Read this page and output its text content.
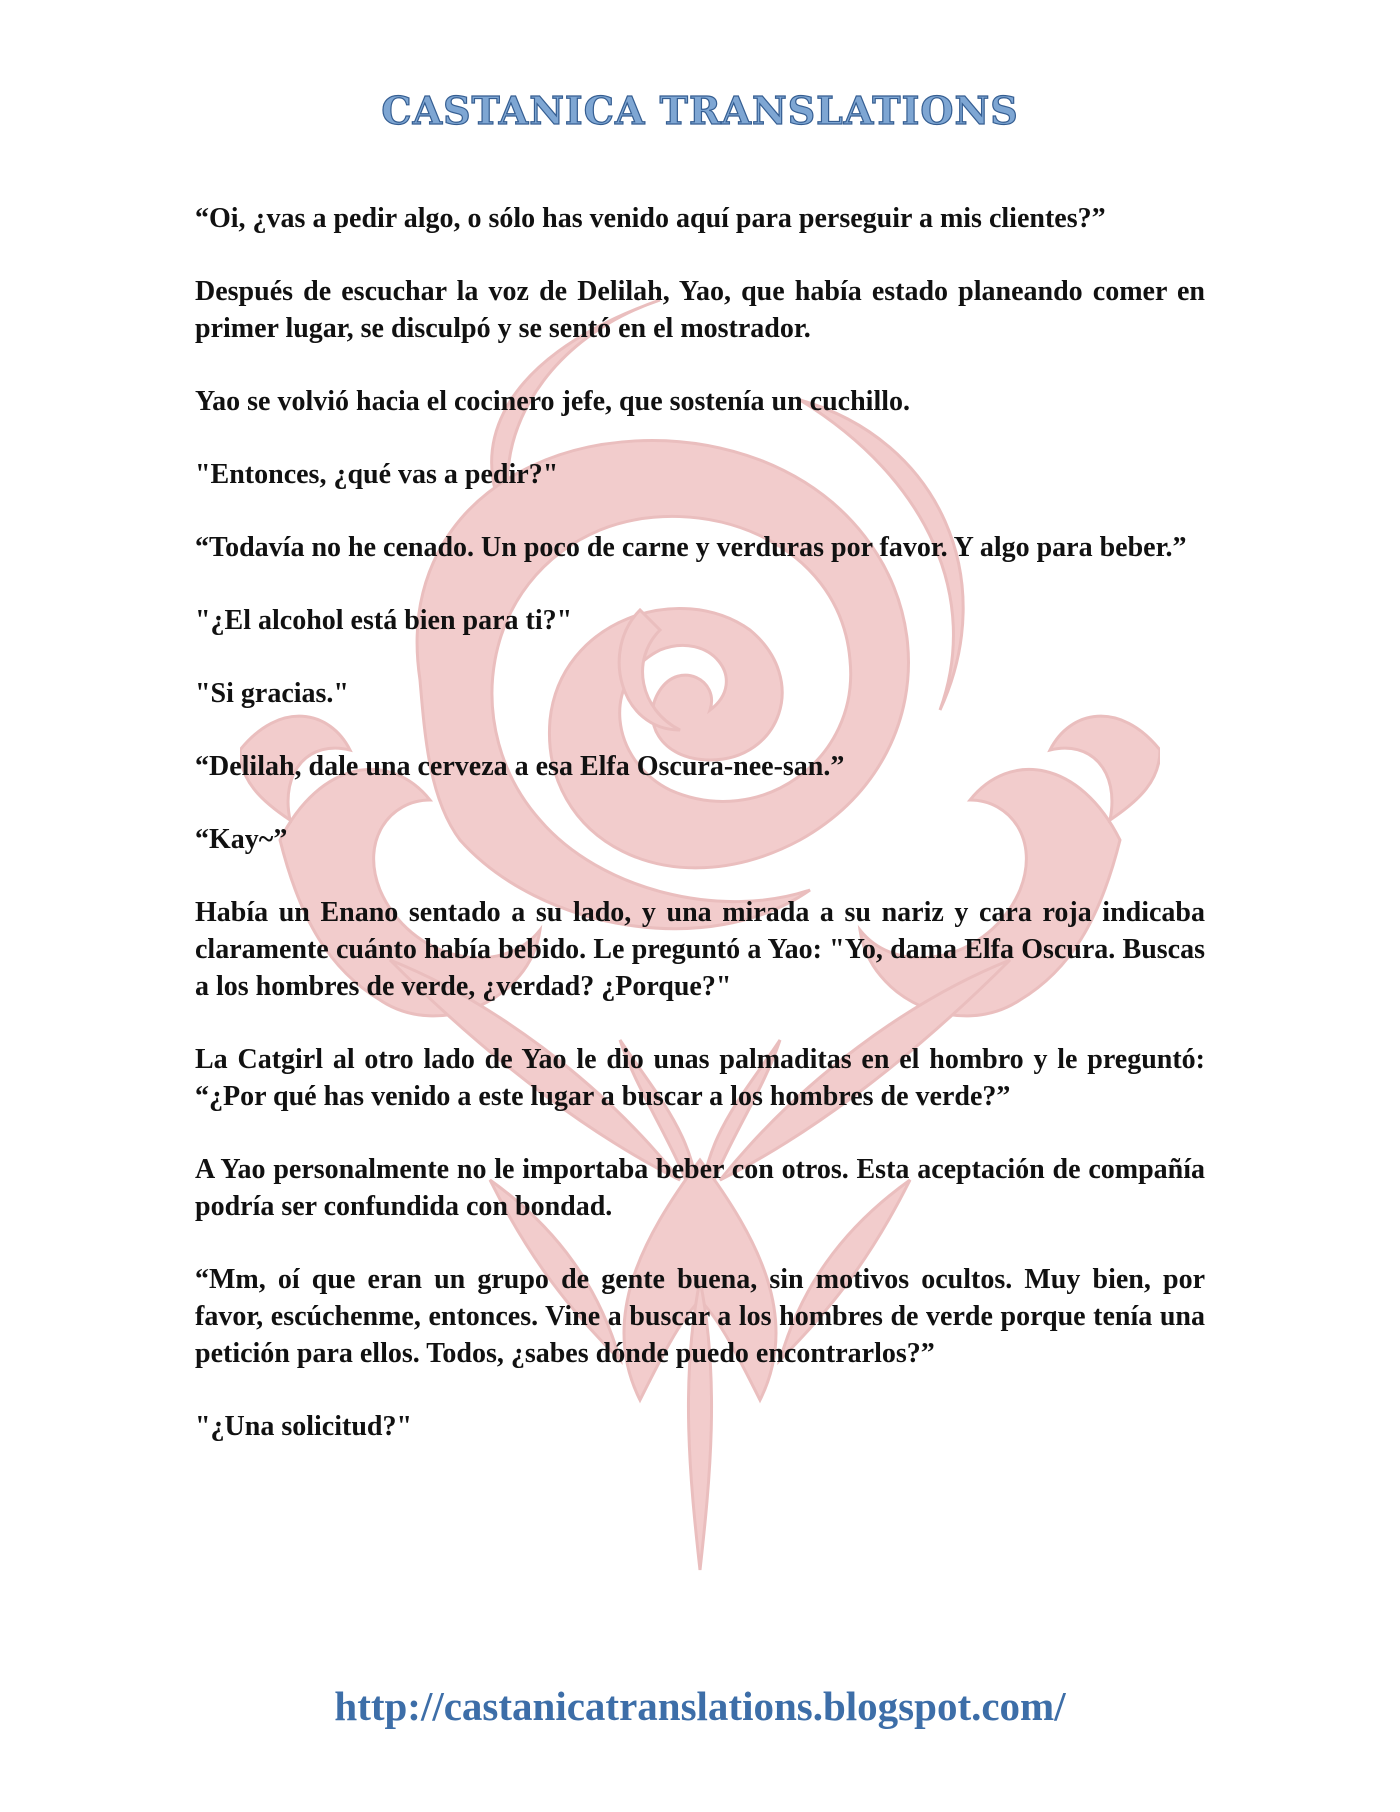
CASTANICA TRANSLATIONS

“Oi, ¿vas a pedir algo, o sólo has venido aquí para perseguir a mis clientes?”

Después de escuchar la voz de Delilah, Yao, que había estado planeando comer en primer lugar, se disculpó y se sentó en el mostrador.

Yao se volvió hacia el cocinero jefe, que sostenía un cuchillo.

"Entonces, ¿qué vas a pedir?"

“Todavía no he cenado. Un poco de carne y verduras por favor. Y algo para beber.”

"¿El alcohol está bien para ti?"

"Si gracias."

“Delilah, dale una cerveza a esa Elfa Oscura-nee-san.”

“Kay~”

Había un Enano sentado a su lado, y una mirada a su nariz y cara roja indicaba claramente cuánto había bebido. Le preguntó a Yao: "Yo, dama Elfa Oscura. Buscas a los hombres de verde, ¿verdad? ¿Porque?"

La Catgirl al otro lado de Yao le dio unas palmaditas en el hombro y le preguntó: “¿Por qué has venido a este lugar a buscar a los hombres de verde?”

A Yao personalmente no le importaba beber con otros. Esta aceptación de compañía podría ser confundida con bondad.

“Mm, oí que eran un grupo de gente buena, sin motivos ocultos. Muy bien, por favor, escúchenme, entonces. Vine a buscar a los hombres de verde porque tenía una petición para ellos. Todos, ¿sabes dónde puedo encontrarlos?”

"¿Una solicitud?"

http://castanicatranslations.blogspot.com/
